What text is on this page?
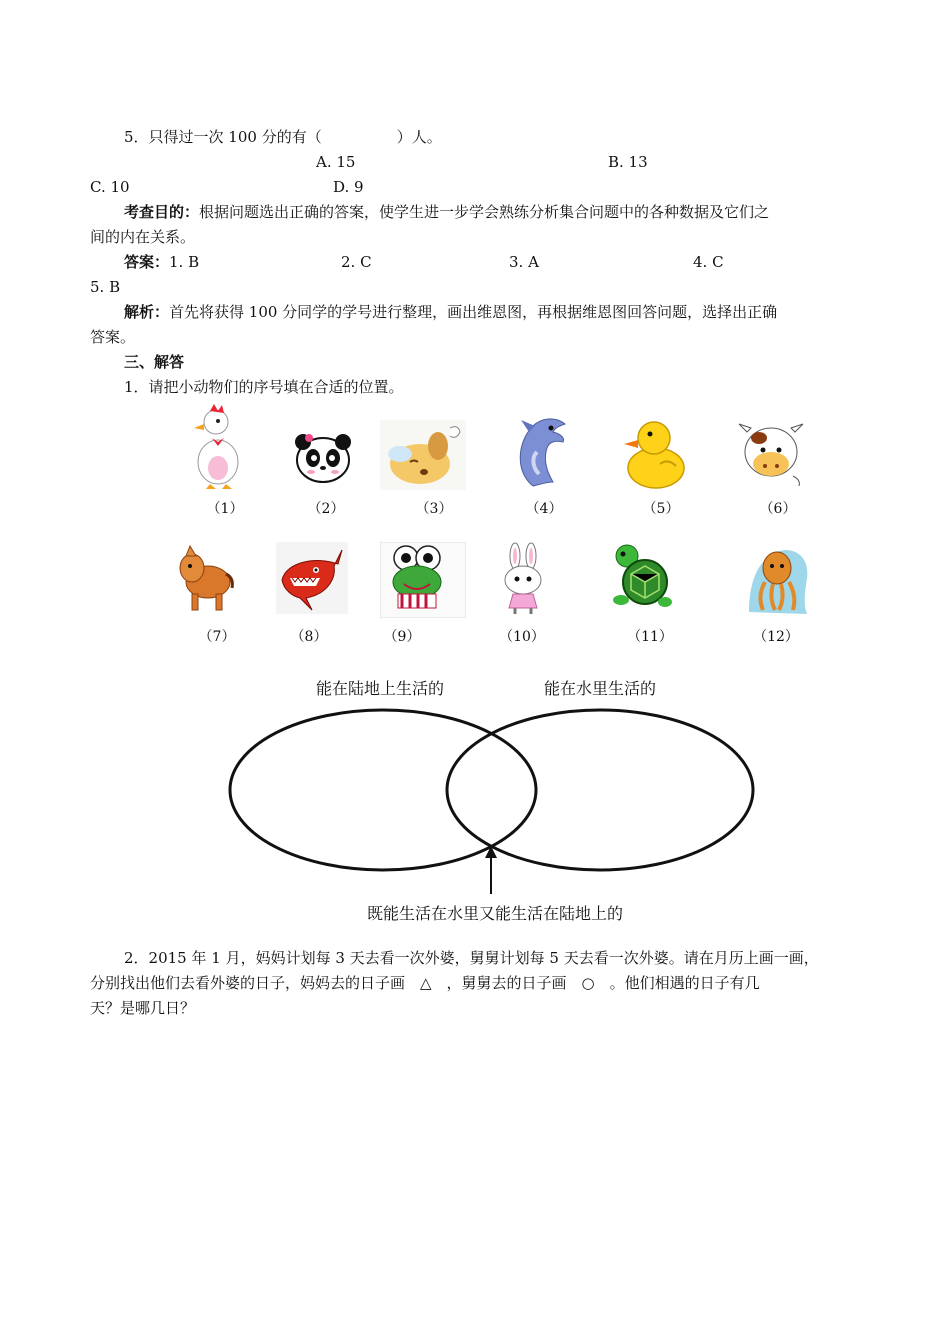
5．只得过一次 100 分的有（　　　　　）人。
A. 15	B. 13
C. 10	D. 9
考查目的：根据问题选出正确的答案，使学生进一步学会熟练分析集合问题中的各种数据及它们之
间的内在关系。
答案：1. B	2. C	3. A	4. C
5. B
解析：首先将获得 100 分同学的学号进行整理，画出维恩图，再根据维恩图回答问题，选择出正确
答案。
三、解答
1．请把小动物们的序号填在合适的位置。
（1）	（2）	（3）	（4）	（5）	（6）
（7）	（8）	（9）	（10）	（11）	（12）
能在陆地上生活的	能在水里生活的
既能生活在水里又能生活在陆地上的
2．2015 年 1 月，妈妈计划每 3 天去看一次外婆，舅舅计划每 5 天去看一次外婆。请在月历上画一画，
分别找出他们去看外婆的日子，妈妈去的日子画　△　，舅舅去的日子画　○　。他们相遇的日子有几
天？是哪几日？
